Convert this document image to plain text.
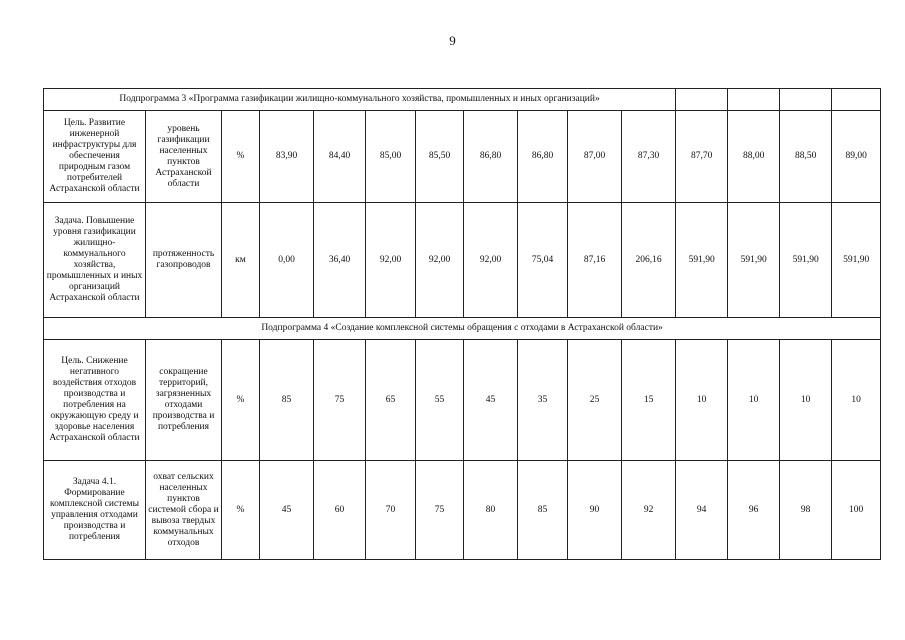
9
Подпрограмма 3 «Программа газификации жилищно-коммунального хозяйства, промышленных и иных организаций»														
Цель. Развитие инженерной инфраструктуры для обеспечения природным газом потребителей Астраханской области	уровень газификации населенных пунктов Астраханской области	%	83,90	84,40	85,00	85,50	86,80	86,80	87,00	87,30	87,70	88,00	88,50	89,00
Задача. Повышение уровня газификации жилищно-коммунального хозяйства, промышленных и иных организаций Астраханской области	протяженность газопроводов	км	0,00	36,40	92,00	92,00	92,00	75,04	87,16	206,16	591,90	591,90	591,90	591,90
Подпрограмма 4 «Создание комплексной системы обращения с отходами в Астраханской области»														
Цель. Снижение негативного воздействия отходов производства и потребления на окружающую среду и здоровье населения Астраханской области	сокращение территорий, загрязненных отходами производства и потребления	%	85	75	65	55	45	35	25	15	10	10	10	10
Задача 4.1. Формирование комплексной системы управления отходами производства и потребления	охват сельских населенных пунктов системой сбора и вывоза твердых коммунальных отходов	%	45	60	70	75	80	85	90	92	94	96	98	100
